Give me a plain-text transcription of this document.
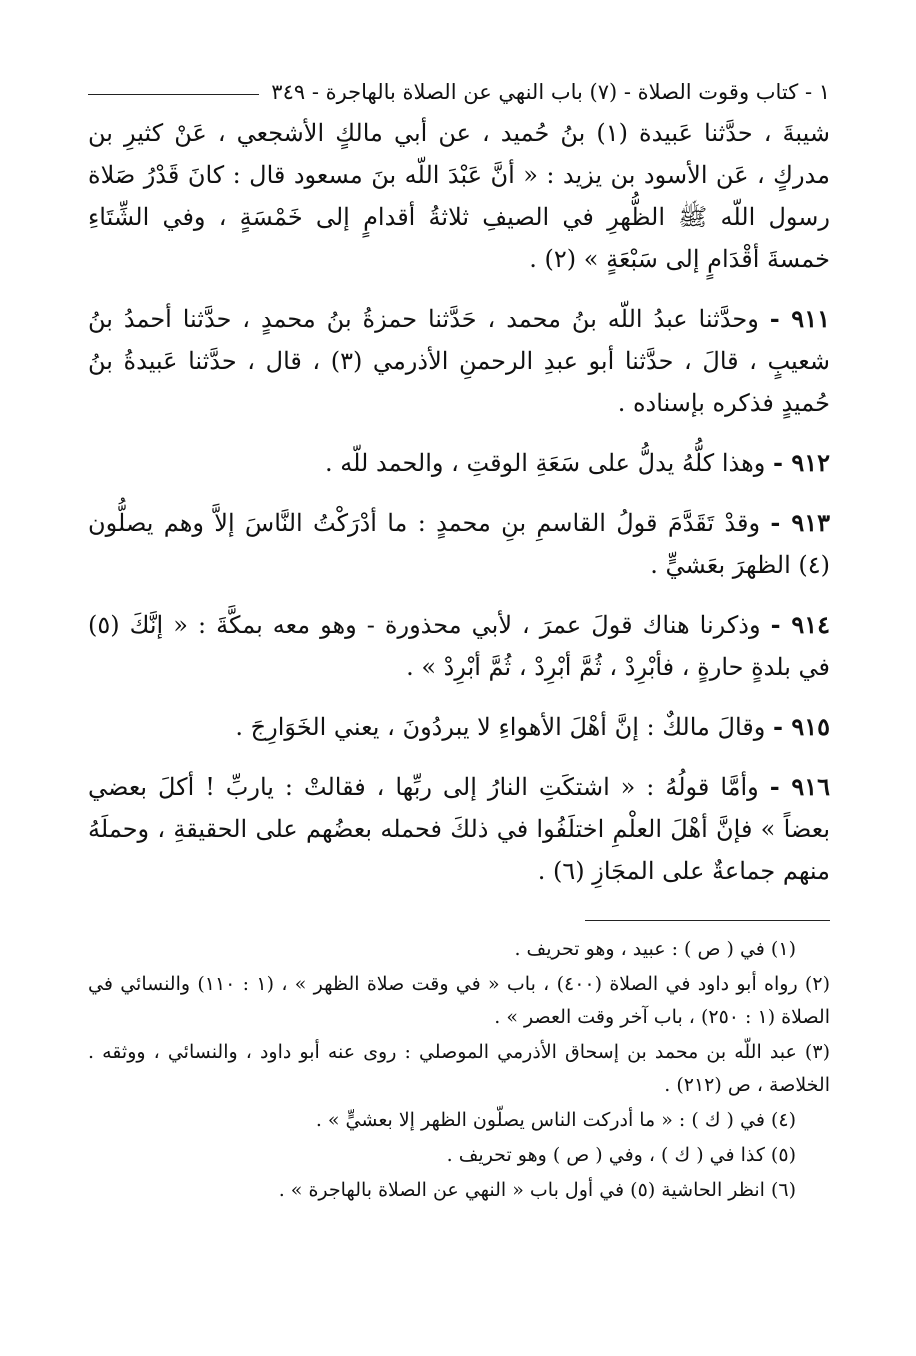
١ - كتاب وقوت الصلاة - (٧) باب النهي عن الصلاة بالهاجرة - ٣٤٩

شيبةَ ، حدَّثنا عَبيدة (١) بنُ حُميد ، عن أبي مالكٍ الأشجعي ، عَنْ كثيرِ بن مدركٍ ، عَن الأسود بن يزيد : « أنَّ عَبْدَ اللّه بنَ مسعود قال : كانَ قَدْرُ صَلاة رسول اللّه ﷺ الظُّهرِ في الصيفِ ثلاثةُ أقدامٍ إلى خَمْسَةٍ ، وفي الشِّتَاءِ خمسةَ أقْدَامٍ إلى سَبْعَةٍ » (٢) .

٩١١ - وحدَّثنا عبدُ اللّه بنُ محمد ، حَدَّثنا حمزةُ بنُ محمدٍ ، حدَّثنا أحمدُ بنُ شعيبٍ ، قالَ ، حدَّثنا أبو عبدِ الرحمنِ الأذرمي (٣) ، قال ، حدَّثنا عَبيدةُ بنُ حُميدٍ فذكره بإسناده .

٩١٢ - وهذا كلُّهُ يدلُّ على سَعَةِ الوقتِ ، والحمد للّه .

٩١٣ - وقدْ تَقَدَّمَ قولُ القاسمِ بنِ محمدٍ : ما أدْرَكْتُ النَّاسَ إلاَّ وهم يصلُّون (٤) الظهرَ بعَشيٍّ .

٩١٤ - وذكرنا هناك قولَ عمرَ ، لأبي محذورة - وهو معه بمكَّةَ : « إنَّكَ (٥) في بلدةٍ حارةٍ ، فأبْرِدْ ، ثُمَّ أبْرِدْ ، ثُمَّ أبْرِدْ » .

٩١٥ - وقالَ مالكٌ : إنَّ أهْلَ الأهواءِ لا يبردُونَ ، يعني الخَوَارِجَ .

٩١٦ - وأمَّا قولُهُ : « اشتكَتِ النارُ إلى ربِّها ، فقالتْ : ياربِّ ! أكلَ بعضي بعضاً » فإنَّ أهْلَ العلْمِ اختلَفُوا في ذلكَ فحمله بعضُهم على الحقيقةِ ، وحملَهُ منهم جماعةٌ على المجَازِ (٦) .

(١) في ( ص ) : عبيد ، وهو تحريف .

(٢) رواه أبو داود في الصلاة (٤٠٠) ، باب « في وقت صلاة الظهر » ، (١ : ١١٠) والنسائي في الصلاة (١ : ٢٥٠) ، باب آخر وقت العصر » .

(٣) عبد اللّه بن محمد بن إسحاق الأذرمي الموصلي : روى عنه أبو داود ، والنسائي ، ووثقه . الخلاصة ، ص (٢١٢) .

(٤) في ( ك ) : « ما أدركت الناس يصلّون الظهر إلا بعشيٍّ » .

(٥) كذا في ( ك ) ، وفي ( ص ) وهو تحريف .

(٦) انظر الحاشية (٥) في أول باب « النهي عن الصلاة بالهاجرة » .
